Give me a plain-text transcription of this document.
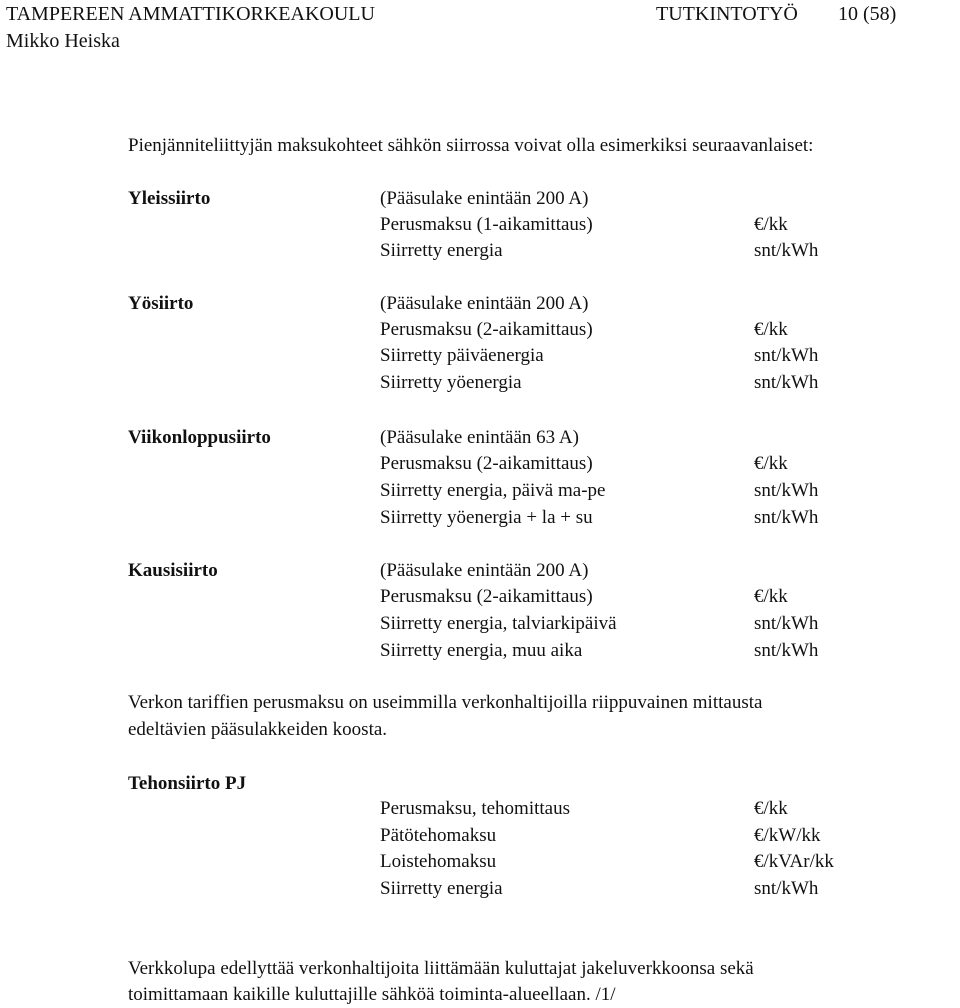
TAMPEREEN AMMATTIKORKEAKOULU	TUTKINTOTYÖ 10 (58)
Mikko Heiska
Pienjänniteliittyjän maksukohteet sähkön siirrossa voivat olla esimerkiksi seuraavanlaiset:
Yleissiirto	(Pääsulake enintään 200 A)
Perusmaksu (1-aikamittaus)	€/kk
Siirretty energia	snt/kWh
Yösiirto	(Pääsulake enintään 200 A)
Perusmaksu (2-aikamittaus)	€/kk
Siirretty päiväenergia	snt/kWh
Siirretty yöenergia	snt/kWh
Viikonloppusiirto	(Pääsulake enintään 63 A)
Perusmaksu (2-aikamittaus)	€/kk
Siirretty energia, päivä ma-pe	snt/kWh
Siirretty yöenergia + la + su	snt/kWh
Kausisiirto	(Pääsulake enintään 200 A)
Perusmaksu (2-aikamittaus)	€/kk
Siirretty energia, talviarkipäivä	snt/kWh
Siirretty energia, muu aika	snt/kWh
Verkon tariffien perusmaksu on useimmilla verkonhaltijoilla riippuvainen mittausta
edeltävien pääsulakkeiden koosta.
Tehonsiirto PJ
Perusmaksu, tehomittaus	€/kk
Pätötehomaksu	€/kW/kk
Loistehomaksu	€/kVAr/kk
Siirretty energia	snt/kWh
Verkkolupa edellyttää verkonhaltijoita liittämään kuluttajat jakeluverkkoonsa sekä
toimittamaan kaikille kuluttajille sähköä toiminta-alueellaan. /1/
